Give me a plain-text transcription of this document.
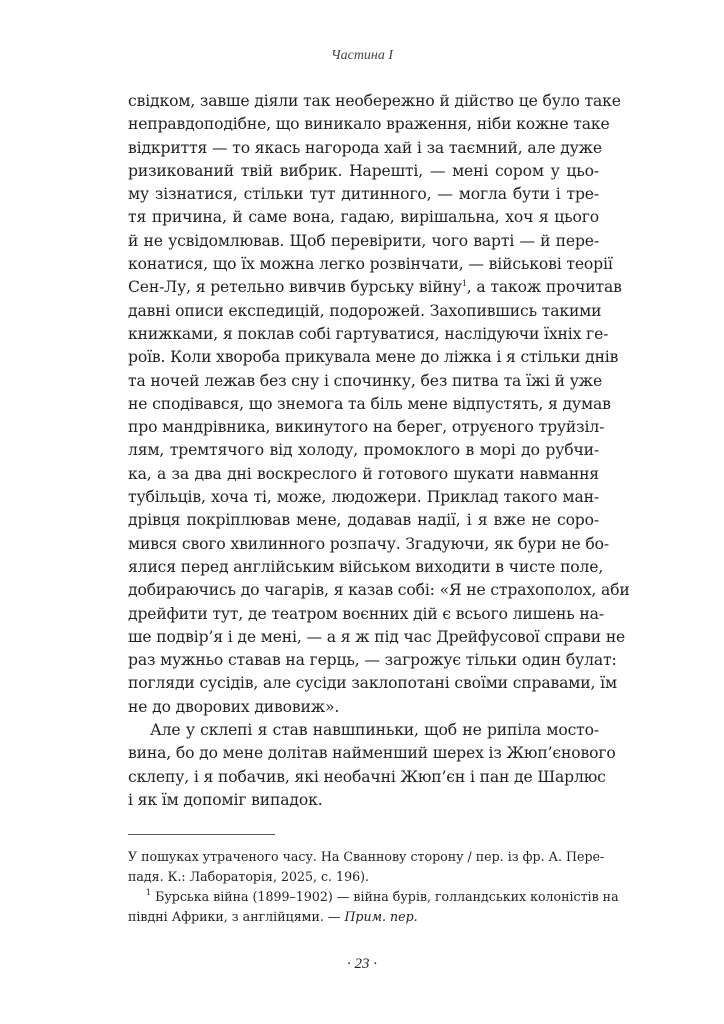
Частина I
свідком, завше діяли так необережно й дійство це було таке
неправдоподібне, що виникало враження, ніби кожне таке
відкриття — то якась нагорода хай і за таємний, але дуже
ризикований твій вибрик. Нарешті, — мені сором у цьо-
му зізнатися, стільки тут дитинного, — могла бути і тре-
тя причина, й саме вона, гадаю, вирішальна, хоч я цього
й не усвідомлював. Щоб перевірити, чого варті — й пере-
конатися, що їх можна легко розвінчати, — військові теорії
Сен-Лу, я ретельно вивчив бурську війну$^1$, а також прочитав
давні описи експедицій, подорожей. Захопившись такими
книжками, я поклав собі гартуватися, наслідуючи їхніх ге-
роїв. Коли хвороба прикувала мене до ліжка і я стільки днів
та ночей лежав без сну і спочинку, без питва та їжі й уже
не сподівався, що знемога та біль мене відпустять, я думав
про мандрівника, викинутого на берег, отруєного труйзіл-
лям, тремтячого від холоду, промоклого в морі до рубчи-
ка, а за два дні воскреслого й готового шукати навмання
тубільців, хоча ті, може, людожери. Приклад такого ман-
дрівця покріплював мене, додавав надії, і я вже не соро-
мився свого хвилинного розпачу. Згадуючи, як бури не бо-
ялися перед англійським військом виходити в чисте поле,
добираючись до чагарів, я казав собі: «Я не страхополох, аби
дрейфити тут, де театром воєнних дій є всього лишень на-
ше подвір’я і де мені, — а я ж під час Дрейфусової справи не
раз мужньо ставав на герць, — загрожує тільки один булат:
погляди сусідів, але сусіди заклопотані своїми справами, їм
не до дворових дивовиж».
Але у склепі я став навшпиньки, щоб не рипіла мосто-
вина, бо до мене долітав найменший шерех із Жюп’єнового
склепу, і я побачив, які необачні Жюп’єн і пан де Шарлюс
і як їм допоміг випадок.
У пошуках утраченого часу. На Сваннову сторону / пер. із фр. А. Пере-
падя. К.: Лабораторія, 2025, с. 196).
$^1$ Бурська війна (1899–1902) — війна бурів, голландських колоністів на
півдні Африки, з англійцями. — Прим. пер.
· 23 ·
